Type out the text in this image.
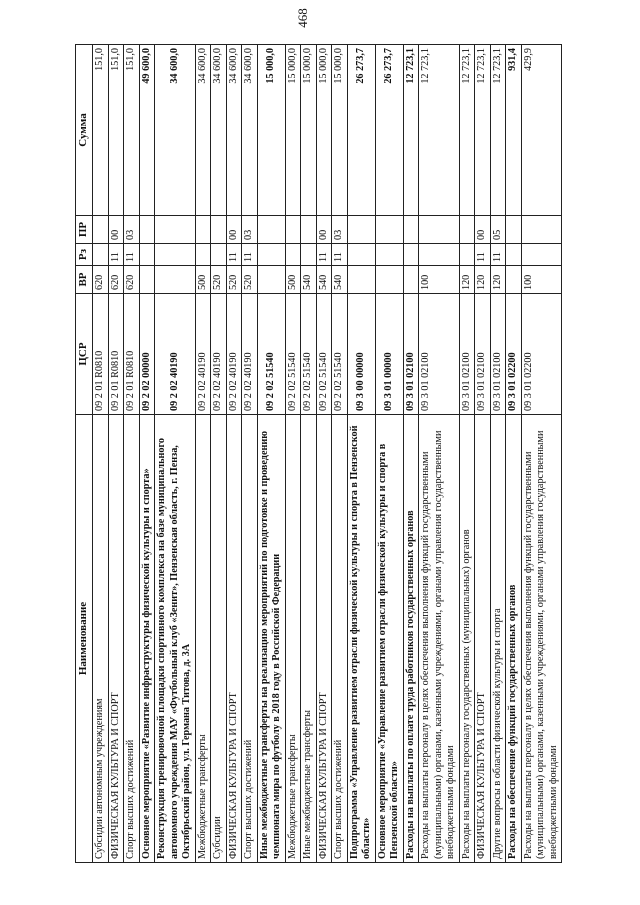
468
Наименование	ЦСР	ВР	Рз	ПР	Сумма
Субсидии автономным учреждениям	09 2 01 R0810	620			151,0
ФИЗИЧЕСКАЯ КУЛЬТУРА И СПОРТ	09 2 01 R0810	620	11	00	151,0
Спорт высших достижений	09 2 01 R0810	620	11	03	151,0
Основное мероприятие «Развитие инфраструктуры физической культуры и спорта»	09 2 02 00000				49 600,0
Реконструкция тренировочной площадки спортивного комплекса на базе муниципального автономного учреждения МАУ «Футбольный клуб «Зенит», Пензенская область, г. Пенза, Октябрьский район, ул. Германа Титова, д. 3А	09 2 02 40190				34 600,0
Межбюджетные трансферты	09 2 02 40190	500			34 600,0
Субсидии	09 2 02 40190	520			34 600,0
ФИЗИЧЕСКАЯ КУЛЬТУРА И СПОРТ	09 2 02 40190	520	11	00	34 600,0
Спорт высших достижений	09 2 02 40190	520	11	03	34 600,0
Иные межбюджетные трансферты на реализацию мероприятий по подготовке и проведению чемпионата мира по футболу в 2018 году в Российской Федерации	09 2 02 51540				15 000,0
Межбюджетные трансферты	09 2 02 51540	500			15 000,0
Иные межбюджетные трансферты	09 2 02 51540	540			15 000,0
ФИЗИЧЕСКАЯ КУЛЬТУРА И СПОРТ	09 2 02 51540	540	11	00	15 000,0
Спорт высших достижений	09 2 02 51540	540	11	03	15 000,0
Подпрограмма «Управление развитием отрасли физической культуры и спорта в Пензенской области»	09 3 00 00000				26 273,7
Основное мероприятие «Управление развитием отрасли физической культуры и спорта в Пензенской области»	09 3 01 00000				26 273,7
Расходы на выплаты по оплате труда работников государственных органов	09 3 01 02100				12 723,1
Расходы на выплаты персоналу в целях обеспечения выполнения функций государственными (муниципальными) органами, казенными учреждениями, органами управления государственными внебюджетными фондами	09 3 01 02100	100			12 723,1
Расходы на выплаты персоналу государственных (муниципальных) органов	09 3 01 02100	120			12 723,1
ФИЗИЧЕСКАЯ КУЛЬТУРА И СПОРТ	09 3 01 02100	120	11	00	12 723,1
Другие вопросы в области физической культуры и спорта	09 3 01 02100	120	11	05	12 723,1
Расходы на обеспечение функций государственных органов	09 3 01 02200				931,4
Расходы на выплаты персоналу в целях обеспечения выполнения функций государственными (муниципальными) органами, казенными учреждениями, органами управления государственными внебюджетными фондами	09 3 01 02200	100			429,9
